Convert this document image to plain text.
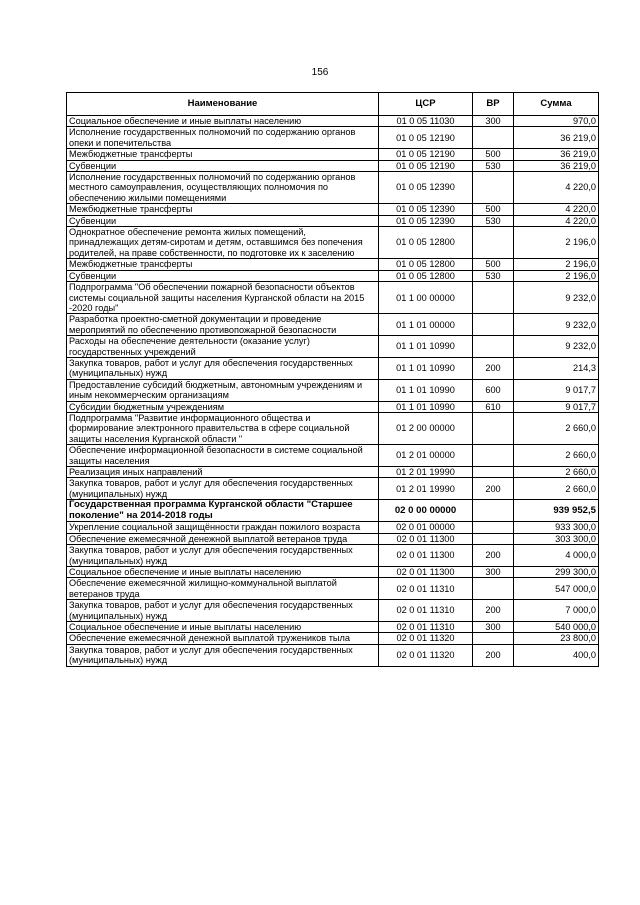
156
Наименование	ЦСР	ВР	Сумма
Социальное обеспечение и иные выплаты населению	01 0 05 11030	300	970,0
Исполнение государственных полномочий по содержанию органов опеки и попечительства	01 0 05 12190		36 219,0
Межбюджетные трансферты	01 0 05 12190	500	36 219,0
Субвенции	01 0 05 12190	530	36 219,0
Исполнение государственных полномочий по содержанию органов местного самоуправления, осуществляющих полномочия по обеспечению жилыми помещениями	01 0 05 12390		4 220,0
Межбюджетные трансферты	01 0 05 12390	500	4 220,0
Субвенции	01 0 05 12390	530	4 220,0
Однократное обеспечение ремонта жилых помещений, принадлежащих детям-сиротам и детям, оставшимся без попечения родителей, на праве собственности, по подготовке их к заселению	01 0 05 12800		2 196,0
Межбюджетные трансферты	01 0 05 12800	500	2 196,0
Субвенции	01 0 05 12800	530	2 196,0
Подпрограмма "Об обеспечении пожарной безопасности объектов системы социальной защиты населения Курганской области на 2015 -2020 годы"	01 1 00 00000		9 232,0
Разработка проектно-сметной документации и проведение мероприятий по обеспечению противопожарной безопасности	01 1 01 00000		9 232,0
Расходы на обеспечение деятельности (оказание услуг) государственных учреждений	01 1 01 10990		9 232,0
Закупка товаров, работ и услуг для обеспечения государственных (муниципальных) нужд	01 1 01 10990	200	214,3
Предоставление субсидий бюджетным, автономным учреждениям и иным некоммерческим организациям	01 1 01 10990	600	9 017,7
Субсидии бюджетным учреждениям	01 1 01 10990	610	9 017,7
Подпрограмма "Развитие информационного общества и формирование электронного правительства в сфере социальной защиты населения Курганской области "	01 2 00 00000		2 660,0
Обеспечение информационной безопасности в системе социальной защиты населения	01 2 01 00000		2 660,0
Реализация иных направлений	01 2 01 19990		2 660,0
Закупка товаров, работ и услуг для обеспечения государственных (муниципальных) нужд	01 2 01 19990	200	2 660,0
Государственная программа Курганской области "Старшее поколение" на 2014-2018 годы	02 0 00 00000		939 952,5
Укрепление социальной защищённости граждан пожилого возраста	02 0 01 00000		933 300,0
Обеспечение ежемесячной денежной выплатой ветеранов труда	02 0 01 11300		303 300,0
Закупка товаров, работ и услуг для обеспечения государственных (муниципальных) нужд	02 0 01 11300	200	4 000,0
Социальное обеспечение и иные выплаты населению	02 0 01 11300	300	299 300,0
Обеспечение ежемесячной жилищно-коммунальной выплатой ветеранов труда	02 0 01 11310		547 000,0
Закупка товаров, работ и услуг для обеспечения государственных (муниципальных) нужд	02 0 01 11310	200	7 000,0
Социальное обеспечение и иные выплаты населению	02 0 01 11310	300	540 000,0
Обеспечение ежемесячной денежной выплатой тружеников тыла	02 0 01 11320		23 800,0
Закупка товаров, работ и услуг для обеспечения государственных (муниципальных) нужд	02 0 01 11320	200	400,0
